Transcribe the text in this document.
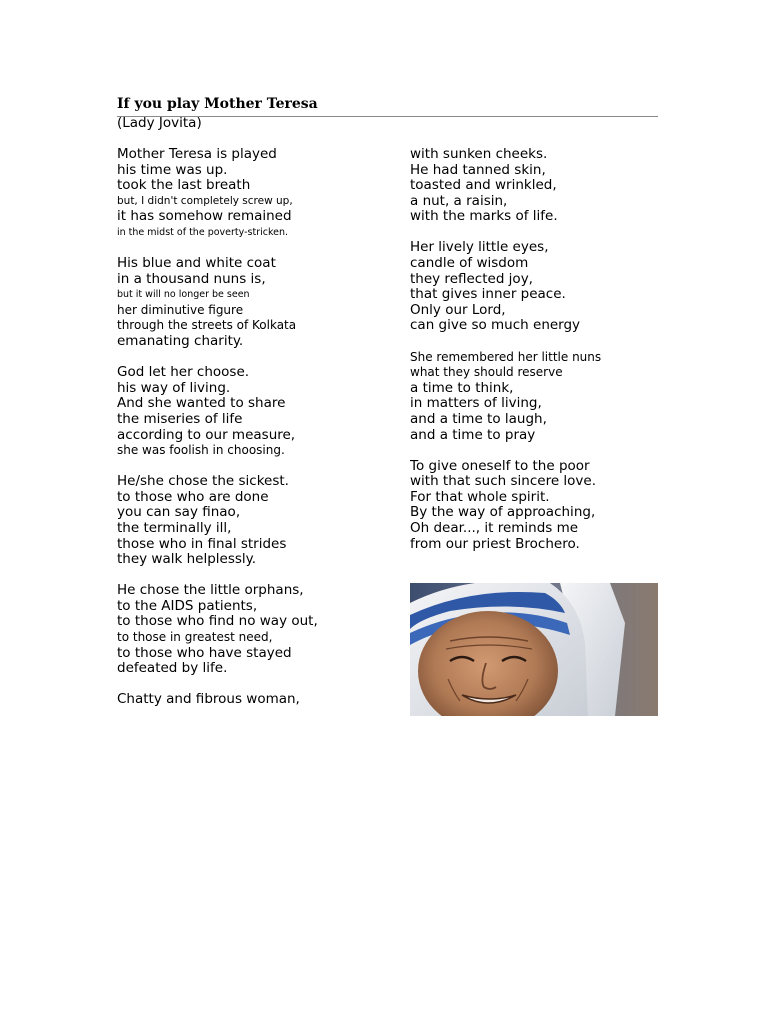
If you play Mother Teresa
(Lady Jovita)
Mother Teresa is played
his time was up.
took the last breath
but, I didn't completely screw up,
it has somehow remained
in the midst of the poverty-stricken.
His blue and white coat
in a thousand nuns is,
but it will no longer be seen
her diminutive figure
through the streets of Kolkata
emanating charity.
God let her choose.
his way of living.
And she wanted to share
the miseries of life
according to our measure,
she was foolish in choosing.
He/she chose the sickest.
to those who are done
you can say finao,
the terminally ill,
those who in final strides
they walk helplessly.
He chose the little orphans,
to the AIDS patients,
to those who find no way out,
to those in greatest need,
to those who have stayed
defeated by life.
Chatty and fibrous woman,
with sunken cheeks.
He had tanned skin,
toasted and wrinkled,
a nut, a raisin,
with the marks of life.
Her lively little eyes,
candle of wisdom
they reflected joy,
that gives inner peace.
Only our Lord,
can give so much energy
She remembered her little nuns
what they should reserve
a time to think,
in matters of living,
and a time to laugh,
and a time to pray
To give oneself to the poor
with that such sincere love.
For that whole spirit.
By the way of approaching,
Oh dear..., it reminds me
from our priest Brochero.
